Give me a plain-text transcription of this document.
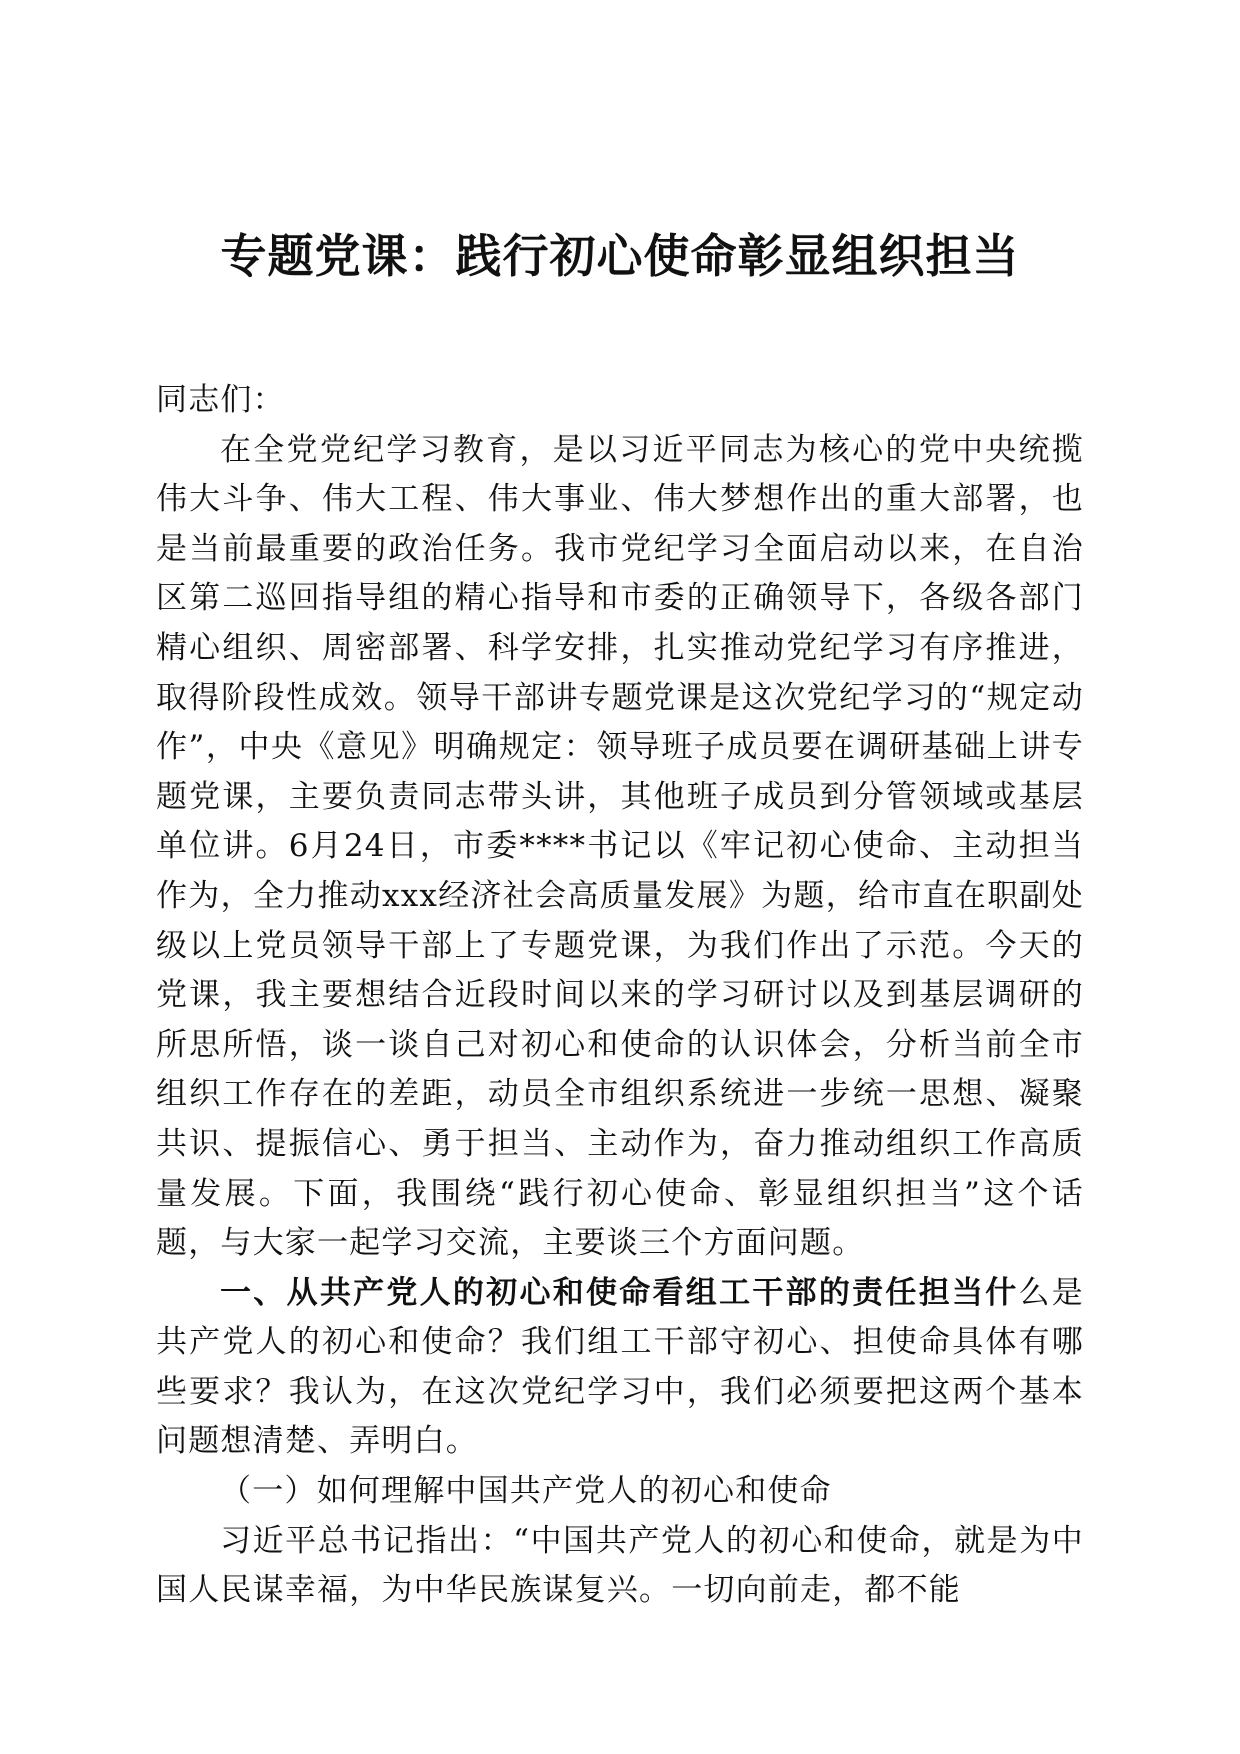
专题党课：践行初心使命彰显组织担当

同志们：

在全党党纪学习教育，是以习近平同志为核心的党中央统揽伟大斗争、伟大工程、伟大事业、伟大梦想作出的重大部署，也是当前最重要的政治任务。我市党纪学习全面启动以来，在自治区第二巡回指导组的精心指导和市委的正确领导下，各级各部门精心组织、周密部署、科学安排，扎实推动党纪学习有序推进，取得阶段性成效。领导干部讲专题党课是这次党纪学习的“规定动作”，中央《意见》明确规定：领导班子成员要在调研基础上讲专题党课，主要负责同志带头讲，其他班子成员到分管领域或基层单位讲。6月24日，市委****书记以《牢记初心使命、主动担当作为，全力推动xxx经济社会高质量发展》为题，给市直在职副处级以上党员领导干部上了专题党课，为我们作出了示范。今天的党课，我主要想结合近段时间以来的学习研讨以及到基层调研的所思所悟，谈一谈自己对初心和使命的认识体会，分析当前全市组织工作存在的差距，动员全市组织系统进一步统一思想、凝聚共识、提振信心、勇于担当、主动作为，奋力推动组织工作高质量发展。下面，我围绕“践行初心使命、彰显组织担当”这个话题，与大家一起学习交流，主要谈三个方面问题。

一、从共产党人的初心和使命看组工干部的责任担当什么是共产党人的初心和使命？我们组工干部守初心、担使命具体有哪些要求？我认为，在这次党纪学习中，我们必须要把这两个基本问题想清楚、弄明白。

（一）如何理解中国共产党人的初心和使命

习近平总书记指出：“中国共产党人的初心和使命，就是为中国人民谋幸福，为中华民族谋复兴。一切向前走，都不能
